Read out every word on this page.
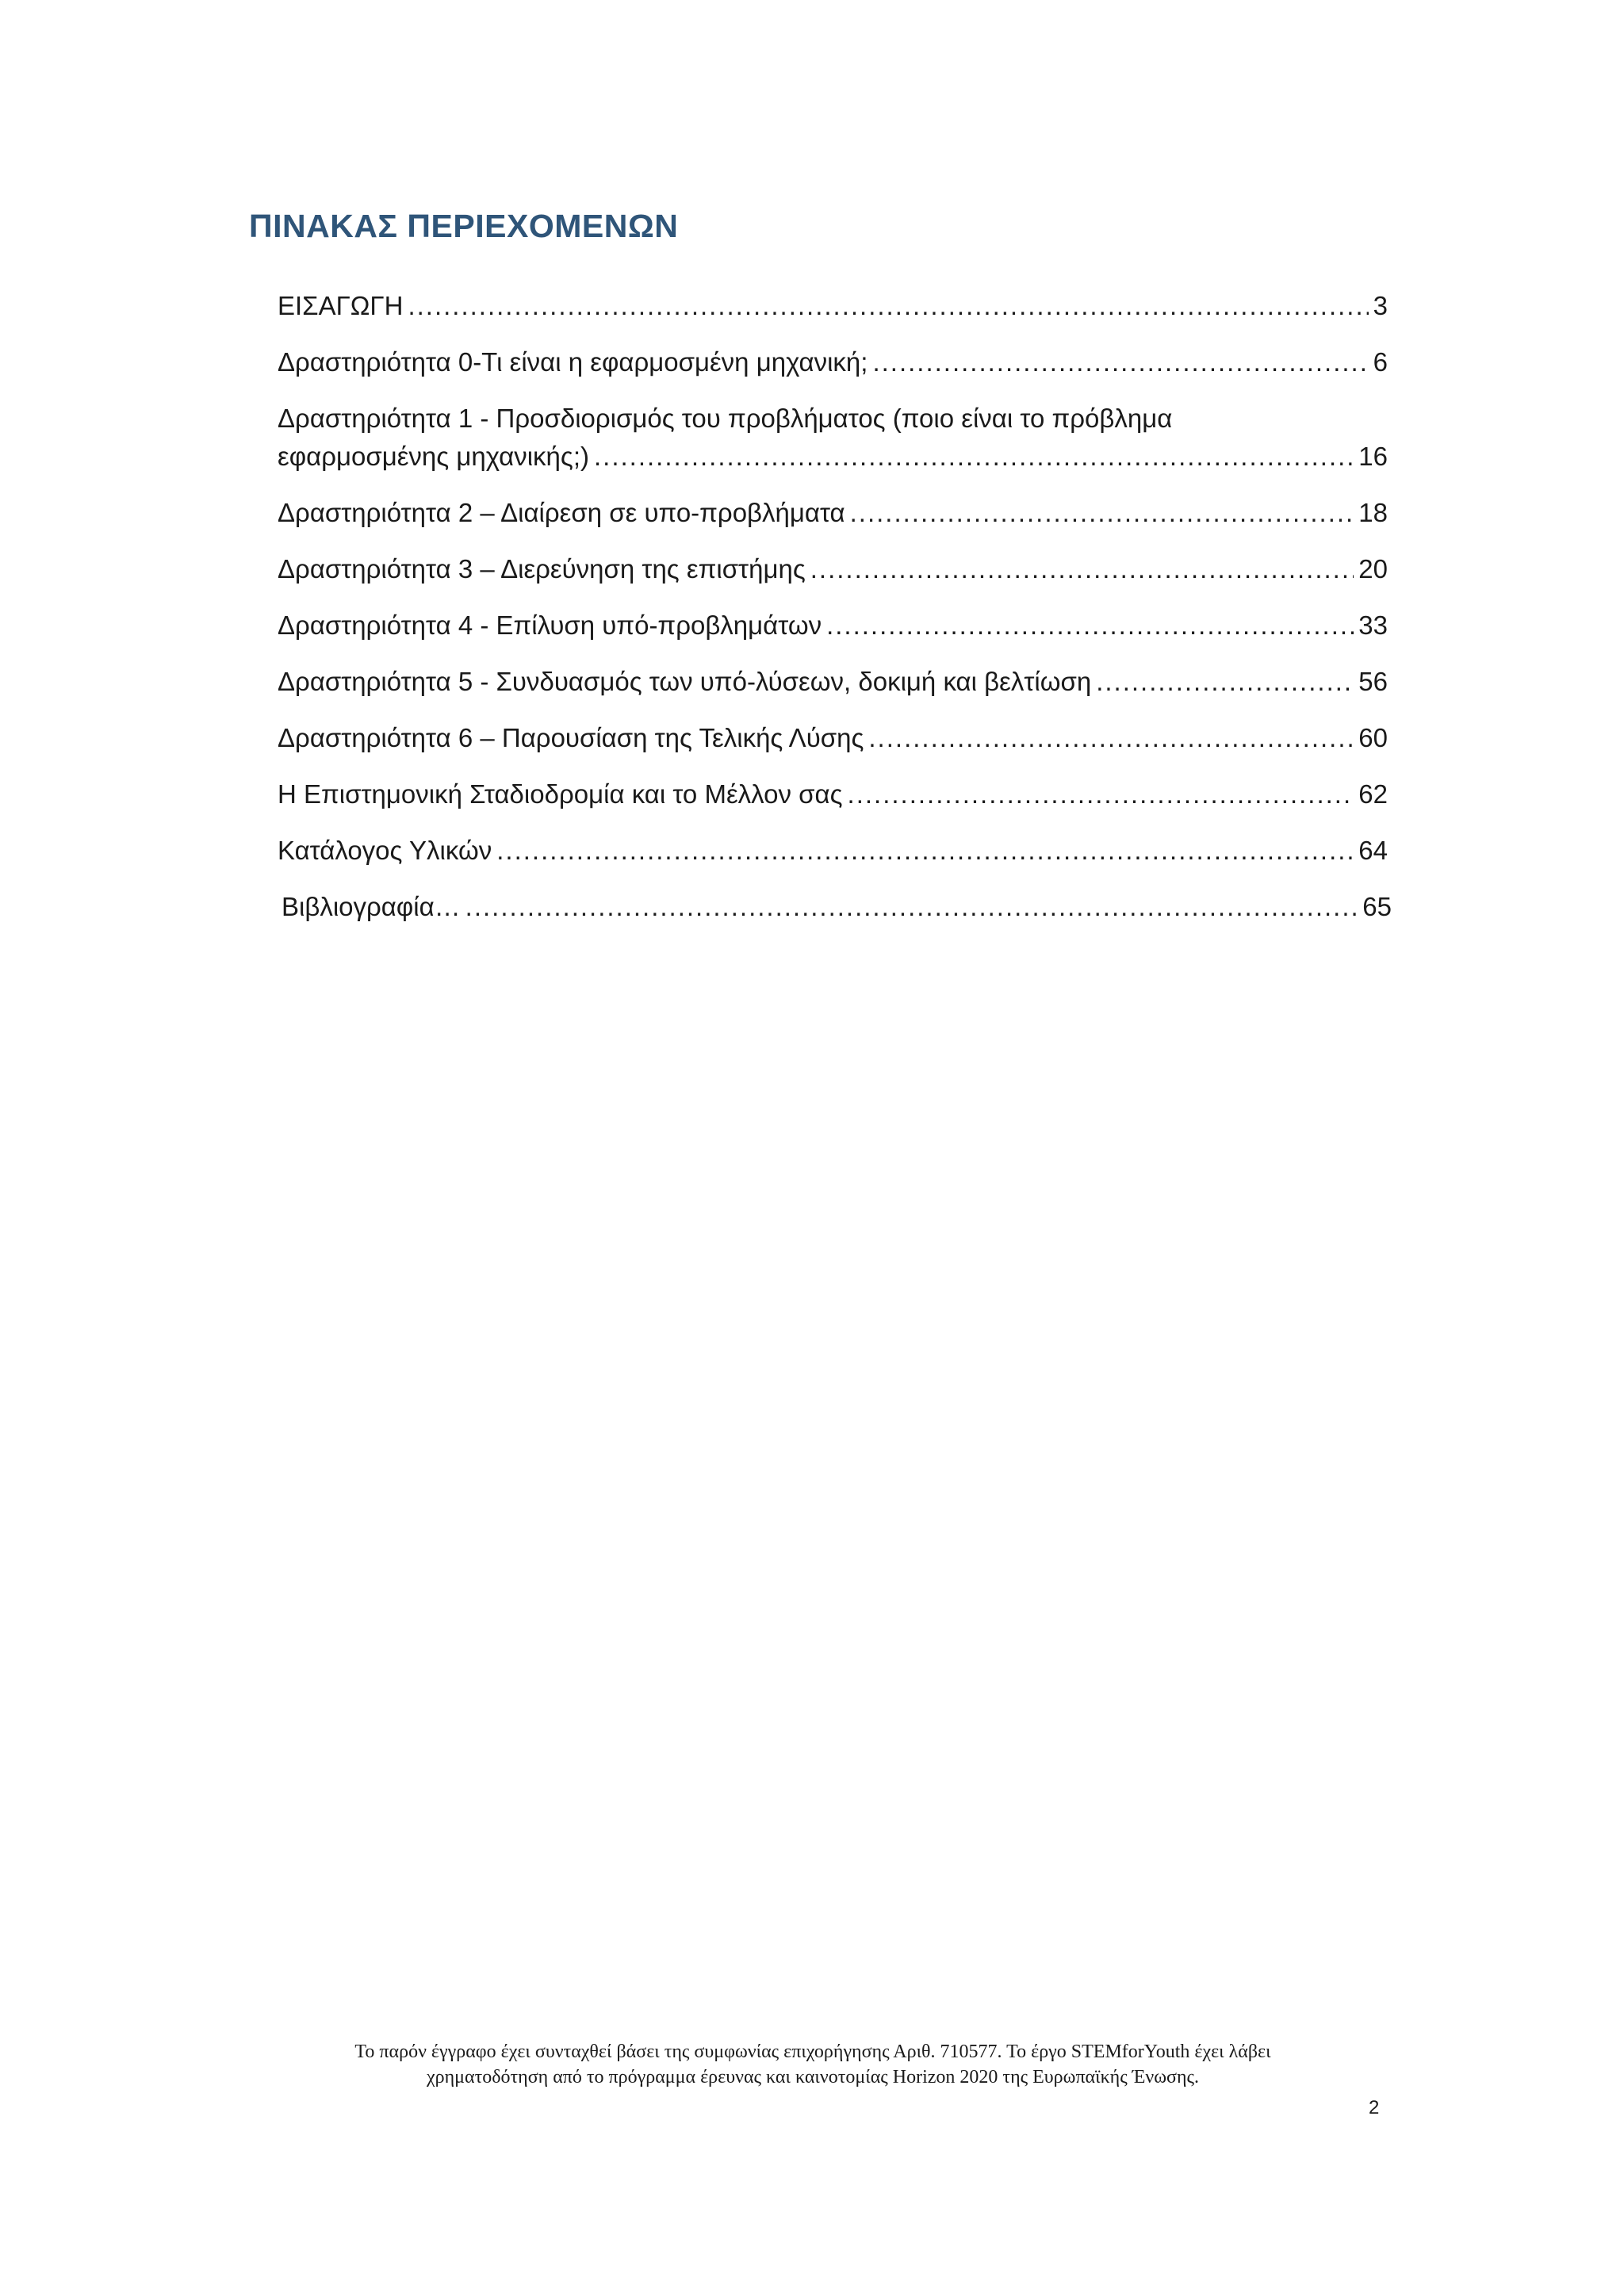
ΠΙΝΑΚΑΣ ΠΕΡΙΕΧΟΜΕΝΩΝ
ΕΙΣΑΓΩΓΗ .....	3
Δραστηριότητα 0-Τι είναι η εφαρμοσμένη μηχανική; .....	6
Δραστηριότητα 1 - Προσδιορισμός του προβλήματος (ποιο είναι το πρόβλημα
εφαρμοσμένης μηχανικής;) .....	16
Δραστηριότητα 2 – Διαίρεση σε υπο-προβλήματα .....	18
Δραστηριότητα 3 – Διερεύνηση της επιστήμης .....	20
Δραστηριότητα 4 - Επίλυση υπό-προβλημάτων .....	33
Δραστηριότητα 5 - Συνδυασμός των υπό-λύσεων, δοκιμή και βελτίωση .....	56
Δραστηριότητα 6 – Παρουσίαση της Τελικής Λύσης .....	60
Η Επιστημονική Σταδιοδρομία και το Μέλλον σας .....	62
Κατάλογος Υλικών .....	64
Βιβλιογραφία… .....	65

Το παρόν έγγραφο έχει συνταχθεί βάσει της συμφωνίας επιχορήγησης Αριθ. 710577. Το έργο STEMforYouth έχει λάβει
χρηματοδότηση από το πρόγραμμα έρευνας και καινοτομίας Horizon 2020 της Ευρωπαϊκής Ένωσης.

2
